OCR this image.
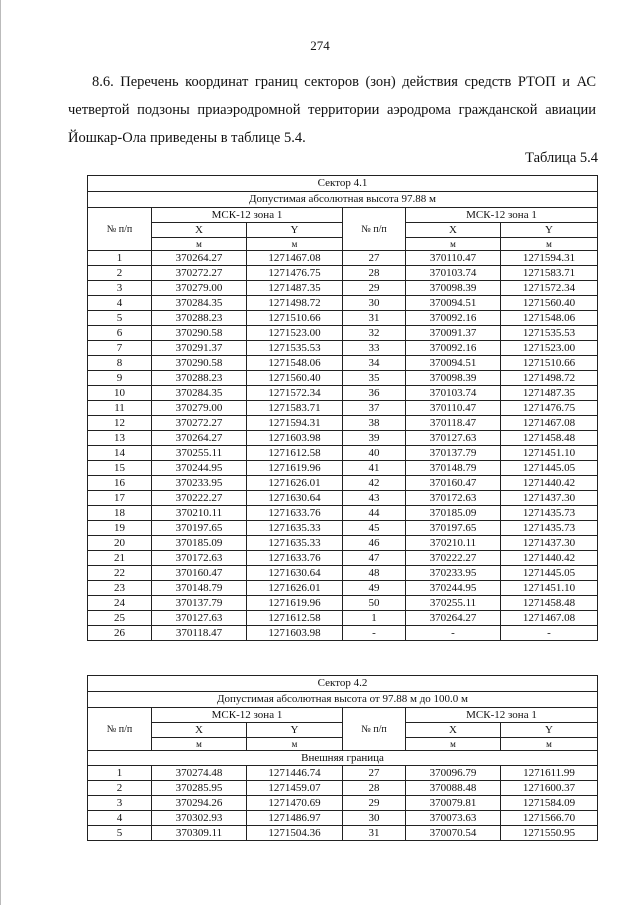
274
8.6. Перечень координат границ секторов (зон) действия средств РТОП и АС
четвертой подзоны приаэродромной территории аэродрома гражданской авиации
Йошкар-Ола приведены в таблице 5.4.
Таблица 5.4
Сектор 4.1					
Допустимая абсолютная высота 97.88 м					
№ п/п	МСК-12 зона 1		№ п/п	МСК-12 зона 1	
	X	Y		X	Y
	м	м		м	м
1	370264.27	1271467.08	27	370110.47	1271594.31
2	370272.27	1271476.75	28	370103.74	1271583.71
3	370279.00	1271487.35	29	370098.39	1271572.34
4	370284.35	1271498.72	30	370094.51	1271560.40
5	370288.23	1271510.66	31	370092.16	1271548.06
6	370290.58	1271523.00	32	370091.37	1271535.53
7	370291.37	1271535.53	33	370092.16	1271523.00
8	370290.58	1271548.06	34	370094.51	1271510.66
9	370288.23	1271560.40	35	370098.39	1271498.72
10	370284.35	1271572.34	36	370103.74	1271487.35
11	370279.00	1271583.71	37	370110.47	1271476.75
12	370272.27	1271594.31	38	370118.47	1271467.08
13	370264.27	1271603.98	39	370127.63	1271458.48
14	370255.11	1271612.58	40	370137.79	1271451.10
15	370244.95	1271619.96	41	370148.79	1271445.05
16	370233.95	1271626.01	42	370160.47	1271440.42
17	370222.27	1271630.64	43	370172.63	1271437.30
18	370210.11	1271633.76	44	370185.09	1271435.73
19	370197.65	1271635.33	45	370197.65	1271435.73
20	370185.09	1271635.33	46	370210.11	1271437.30
21	370172.63	1271633.76	47	370222.27	1271440.42
22	370160.47	1271630.64	48	370233.95	1271445.05
23	370148.79	1271626.01	49	370244.95	1271451.10
24	370137.79	1271619.96	50	370255.11	1271458.48
25	370127.63	1271612.58	1	370264.27	1271467.08
26	370118.47	1271603.98	-	-	-
Сектор 4.2					
Допустимая абсолютная высота от 97.88 м до 100.0 м					
№ п/п	МСК-12 зона 1		№ п/п	МСК-12 зона 1	
	X	Y		X	Y
	м	м		м	м
Внешняя граница					
1	370274.48	1271446.74	27	370096.79	1271611.99
2	370285.95	1271459.07	28	370088.48	1271600.37
3	370294.26	1271470.69	29	370079.81	1271584.09
4	370302.93	1271486.97	30	370073.63	1271566.70
5	370309.11	1271504.36	31	370070.54	1271550.95
